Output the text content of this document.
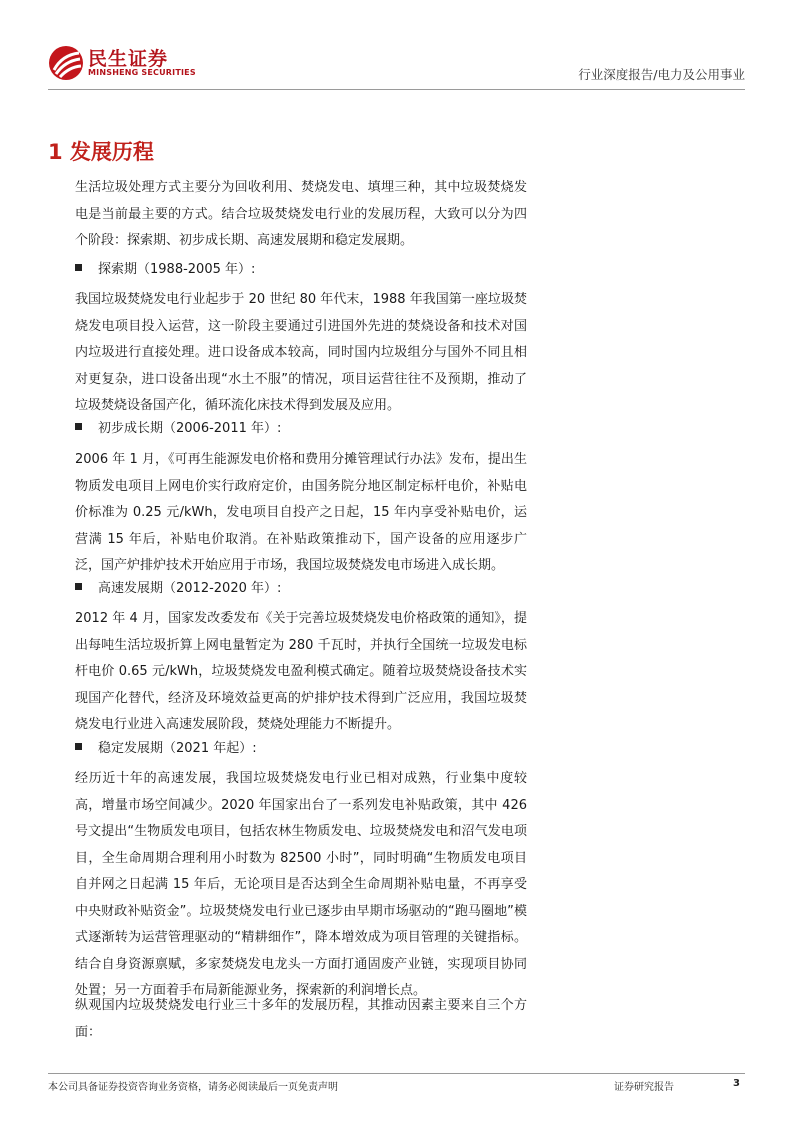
民生证券
MINSHENG SECURITIES	行业深度报告/电力及公用事业
1 发展历程

生活垃圾处理方式主要分为回收利用、焚烧发电、填埋三种，其中垃圾焚烧发电是当前最主要的方式。结合垃圾焚烧发电行业的发展历程，大致可以分为四个阶段：探索期、初步成长期、高速发展期和稳定发展期。

探索期（1988-2005 年）:

我国垃圾焚烧发电行业起步于 20 世纪 80 年代末，1988 年我国第一座垃圾焚烧发电项目投入运营，这一阶段主要通过引进国外先进的焚烧设备和技术对国内垃圾进行直接处理。进口设备成本较高，同时国内垃圾组分与国外不同且相对更复杂，进口设备出现“水土不服”的情况，项目运营往往不及预期，推动了垃圾焚烧设备国产化，循环流化床技术得到发展及应用。

初步成长期（2006-2011 年）:

2006 年 1 月，《可再生能源发电价格和费用分摊管理试行办法》发布，提出生物质发电项目上网电价实行政府定价，由国务院分地区制定标杆电价，补贴电价标准为 0.25 元/kWh，发电项目自投产之日起，15 年内享受补贴电价，运营满 15 年后，补贴电价取消。在补贴政策推动下，国产设备的应用逐步广泛，国产炉排炉技术开始应用于市场，我国垃圾焚烧发电市场进入成长期。

高速发展期（2012-2020 年）:

2012 年 4 月，国家发改委发布《关于完善垃圾焚烧发电价格政策的通知》，提出每吨生活垃圾折算上网电量暂定为 280 千瓦时，并执行全国统一垃圾发电标杆电价 0.65 元/kWh，垃圾焚烧发电盈利模式确定。随着垃圾焚烧设备技术实现国产化替代，经济及环境效益更高的炉排炉技术得到广泛应用，我国垃圾焚烧发电行业进入高速发展阶段，焚烧处理能力不断提升。

稳定发展期（2021 年起）:

经历近十年的高速发展，我国垃圾焚烧发电行业已相对成熟，行业集中度较高，增量市场空间减少。2020 年国家出台了一系列发电补贴政策，其中 426 号文提出“生物质发电项目，包括农林生物质发电、垃圾焚烧发电和沼气发电项目，全生命周期合理利用小时数为 82500 小时”，同时明确“生物质发电项目自并网之日起满 15 年后，无论项目是否达到全生命周期补贴电量，不再享受中央财政补贴资金”。垃圾焚烧发电行业已逐步由早期市场驱动的“跑马圈地”模式逐渐转为运营管理驱动的“精耕细作”，降本增效成为项目管理的关键指标。结合自身资源禀赋，多家焚烧发电龙头一方面打通固废产业链，实现项目协同处置；另一方面着手布局新能源业务，探索新的利润增长点。

纵观国内垃圾焚烧发电行业三十多年的发展历程，其推动因素主要来自三个方面：

本公司具备证券投资咨询业务资格，请务必阅读最后一页免责声明	证券研究报告	3
